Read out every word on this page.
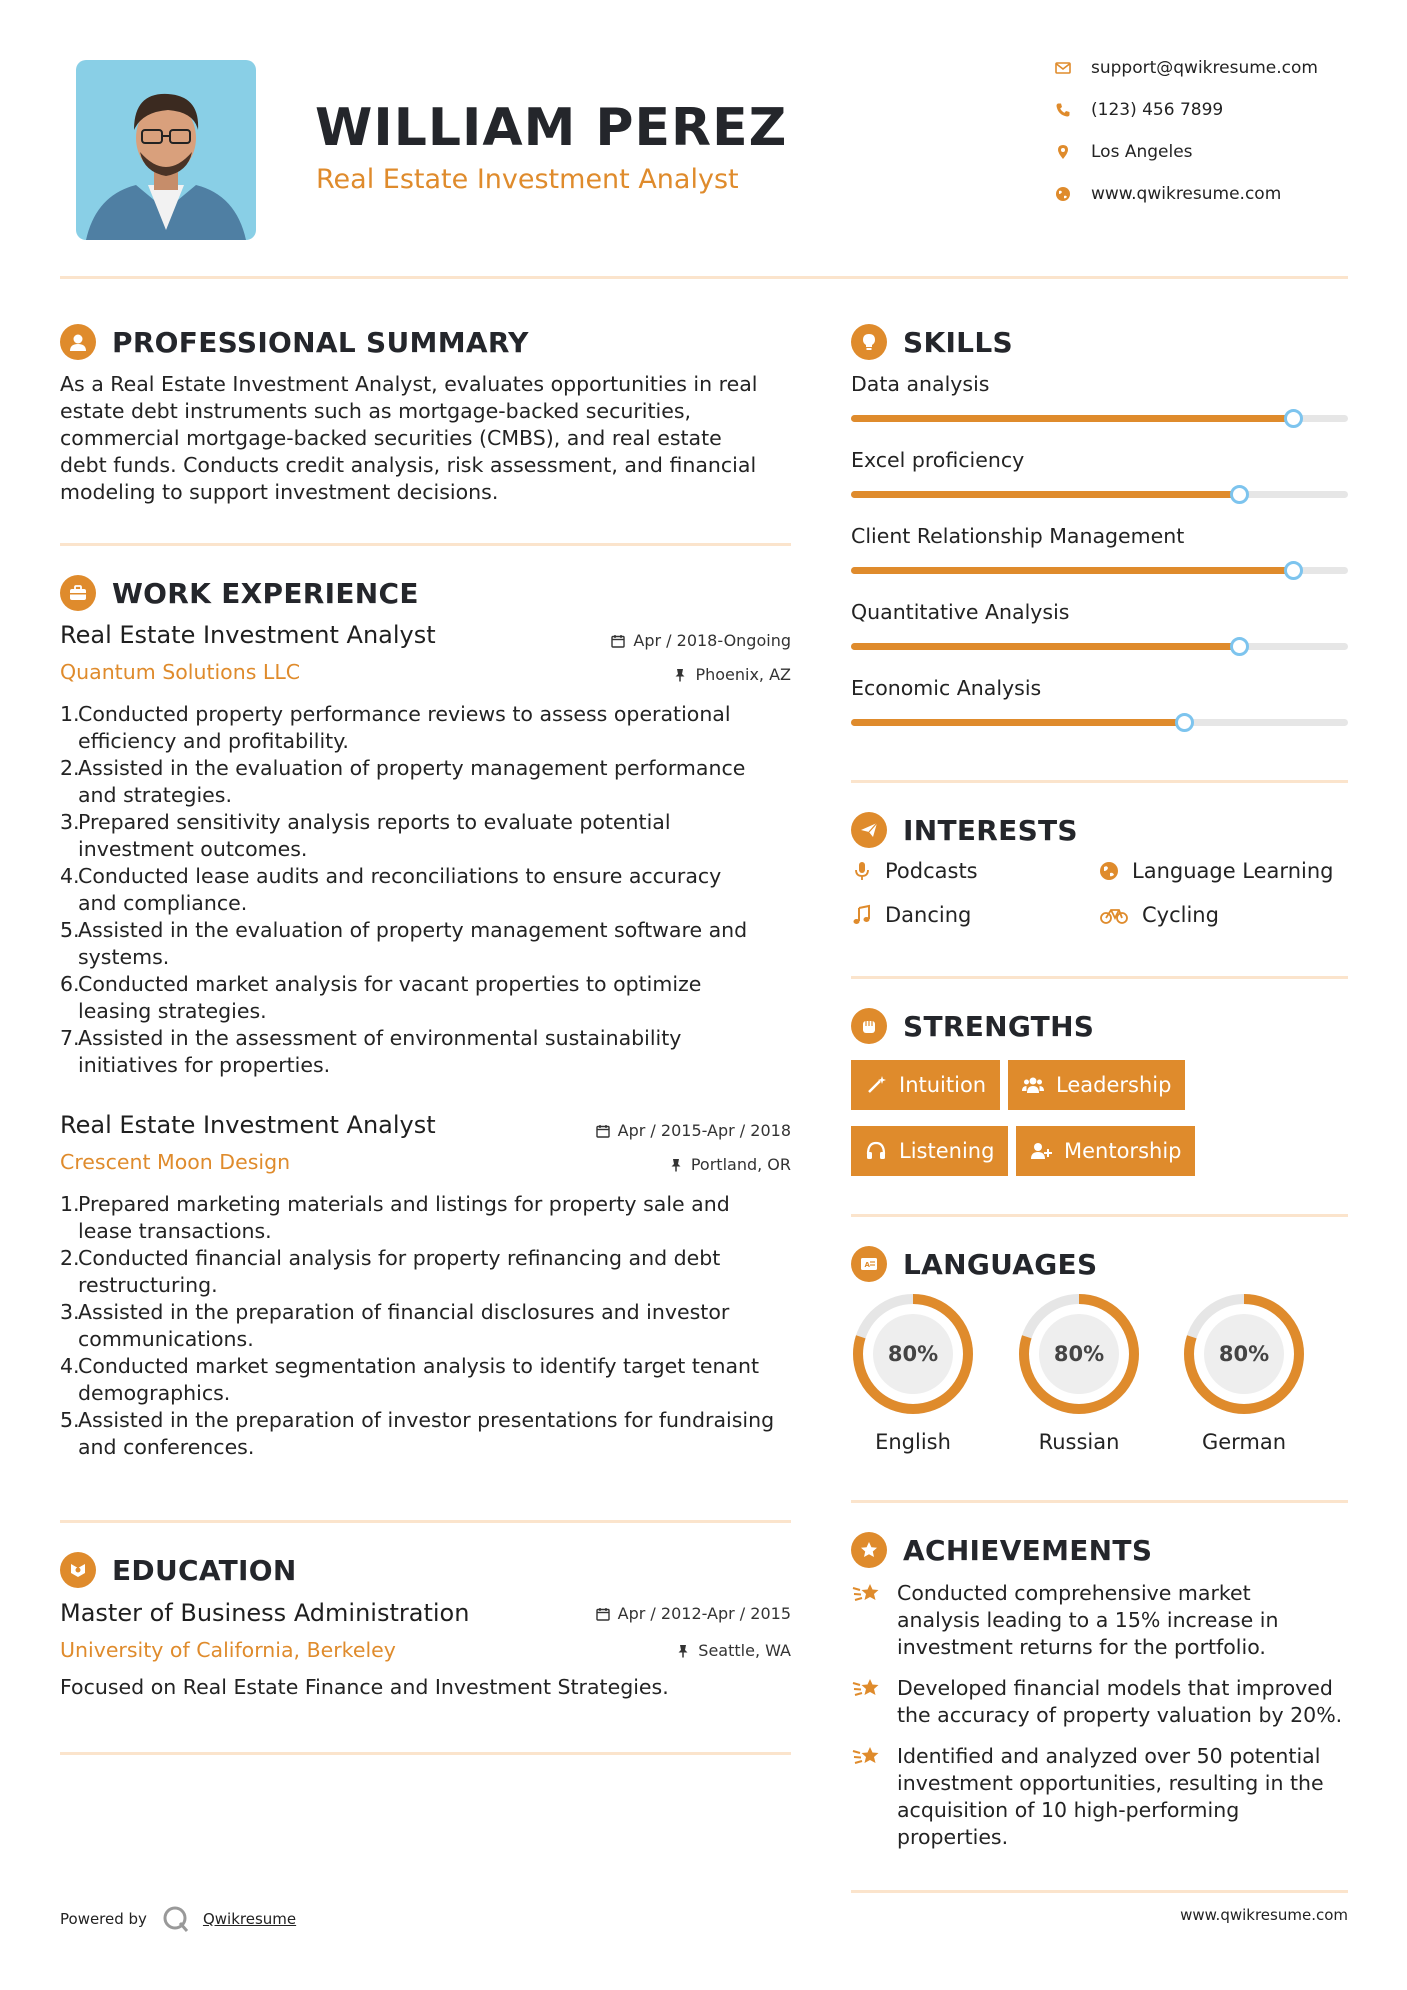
WILLIAM PEREZ
Real Estate Investment Analyst
support@qwikresume.com
(123) 456 7899
Los Angeles
www.qwikresume.com
PROFESSIONAL SUMMARY
As a Real Estate Investment Analyst, evaluates opportunities in real
estate debt instruments such as mortgage-backed securities,
commercial mortgage-backed securities (CMBS), and real estate
debt funds. Conducts credit analysis, risk assessment, and financial
modeling to support investment decisions.
WORK EXPERIENCE
Real Estate Investment Analyst
Quantum Solutions LLC
Apr / 2018-Ongoing
Phoenix, AZ
1.
Conducted property performance reviews to assess operational
efficiency and profitability.
2.
Assisted in the evaluation of property management performance
and strategies.
3.
Prepared sensitivity analysis reports to evaluate potential
investment outcomes.
4.
Conducted lease audits and reconciliations to ensure accuracy
and compliance.
5.
Assisted in the evaluation of property management software and
systems.
6.
Conducted market analysis for vacant properties to optimize
leasing strategies.
7.
Assisted in the assessment of environmental sustainability
initiatives for properties.
Real Estate Investment Analyst
Crescent Moon Design
Apr / 2015-Apr / 2018
Portland, OR
1.
Prepared marketing materials and listings for property sale and
lease transactions.
2.
Conducted financial analysis for property refinancing and debt
restructuring.
3.
Assisted in the preparation of financial disclosures and investor
communications.
4.
Conducted market segmentation analysis to identify target tenant
demographics.
5.
Assisted in the preparation of investor presentations for fundraising
and conferences.
EDUCATION
Master of Business Administration
University of California, Berkeley
Apr / 2012-Apr / 2015
Seattle, WA
Focused on Real Estate Finance and Investment Strategies.
SKILLS
Data analysis
Excel proficiency
Client Relationship Management
Quantitative Analysis
Economic Analysis
INTERESTS
Podcasts	Language Learning
Dancing	Cycling
STRENGTHS
Intuition	Leadership
Listening	Mentorship
A LANGUAGES
80%
English
80%
Russian
80%
German
ACHIEVEMENTS
Conducted comprehensive market
analysis leading to a 15% increase in
investment returns for the portfolio.
Developed financial models that improved
the accuracy of property valuation by 20%.
Identified and analyzed over 50 potential
investment opportunities, resulting in the
acquisition of 10 high-performing
properties.
Powered by	Qwikresume	www.qwikresume.com
